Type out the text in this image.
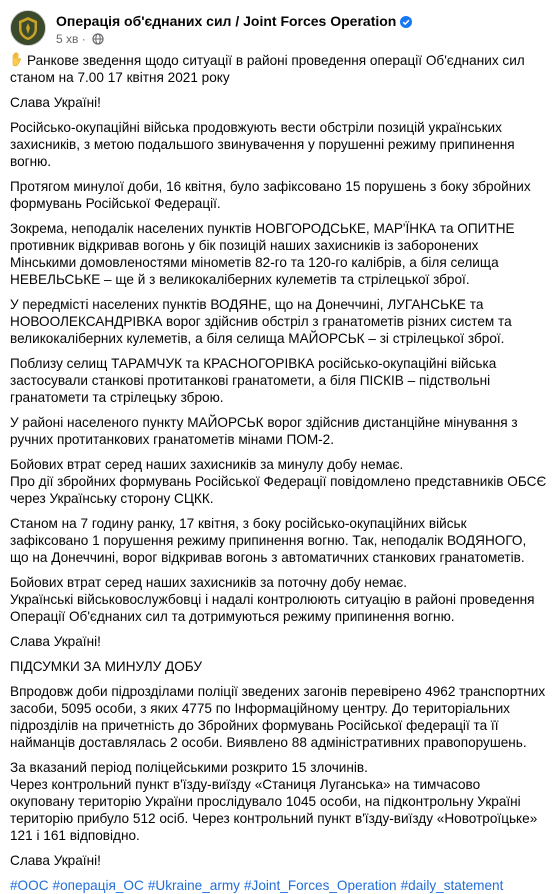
Операція об'єднаних сил / Joint Forces Operation
5 хв ·

Ранкове зведення щодо ситуації в районі проведення операції Об'єднаних сил станом на 7.00 17 квітня 2021 року

Слава Україні!

Російсько-окупаційні війська продовжують вести обстріли позицій українських захисників, з метою подальшого звинувачення у порушенні режиму припинення вогню.

Протягом минулої доби, 16 квітня, було зафіксовано 15 порушень з боку збройних формувань Російської Федерації.

Зокрема, неподалік населених пунктів НОВГОРОДСЬКЕ, МАР'ЇНКА та ОПИТНЕ противник відкривав вогонь у бік позицій наших захисників із заборонених Мінськими домовленостями мінометів 82-го та 120-го калібрів, а біля селища НЕВЕЛЬСЬКЕ – ще й з великокаліберних кулеметів та стрілецької зброї.

У передмісті населених пунктів ВОДЯНЕ, що на Донеччині, ЛУГАНСЬКЕ та НОВООЛЕКСАНДРІВКА ворог здійснив обстріл з гранатометів різних систем та великокаліберних кулеметів, а біля селища МАЙОРСЬК – зі стрілецької зброї.

Поблизу селищ ТАРАМЧУК та КРАСНОГОРІВКА російсько-окупаційні війська застосували станкові протитанкові гранатомети, а біля ПІСКІВ – підствольні гранатомети та стрілецьку зброю.

У районі населеного пункту МАЙОРСЬК ворог здійснив дистанційне мінування з ручних протитанкових гранатометів мінами ПОМ-2.

Бойових втрат серед наших захисників за минулу добу немає.
Про дії збройних формувань Російської Федерації повідомлено представників ОБСЄ через Українську сторону СЦКК.

Станом на 7 годину ранку, 17 квітня, з боку російсько-окупаційних військ зафіксовано 1 порушення режиму припинення вогню. Так, неподалік ВОДЯНОГО, що на Донеччині, ворог відкривав вогонь з автоматичних станкових гранатометів.

Бойових втрат серед наших захисників за поточну добу немає.
Українські військовослужбовці і надалі контролюють ситуацію в районі проведення Операції Об'єднаних сил та дотримуються режиму припинення вогню.

Слава Україні!

ПІДСУМКИ ЗА МИНУЛУ ДОБУ

Впродовж доби підрозділами поліції зведених загонів перевірено 4962 транспортних засоби, 5095 особи, з яких 4775 по Інформаційному центру. До територіальних підрозділів на причетність до Збройних формувань Російської федерації та її найманців доставлялась 2 особи. Виявлено 88 адміністративних правопорушень.

За вказаний період поліцейськими розкрито 15 злочинів.
Через контрольний пункт в'їзду-виїзду «Станиця Луганська» на тимчасово окуповану територію України прослідувало 1045 особи, на підконтрольну Україні територію прибуло 512 осіб. Через контрольний пункт в'їзду-виїзду «Новотроїцьке» 121 і 161 відповідно.

Слава Україні!

#ООС #операція_ОС #Ukraine_army #Joint_Forces_Operation #daily_statement
